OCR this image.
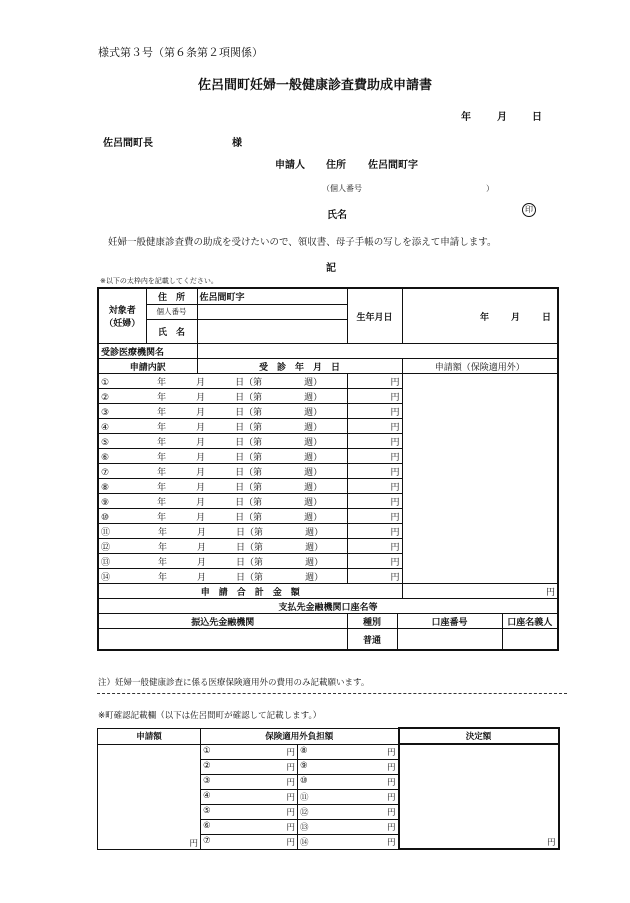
様式第３号（第６条第２項関係）
佐呂間町妊婦一般健康診査費助成申請書
年	月	日
佐呂間町長	様
申請人 住所 佐呂間町字
（個人番号	）
氏名
印
妊婦一般健康診査費の助成を受けたいので、領収書、母子手帳の写しを添えて申請します。
記
※以下の太枠内を記載してください。
対象者
（妊婦）	住　所	佐呂間町字	生年月日		年 月 日	
	個人番号					
	氏　名					
受診医療機関名						
申請内訳		受　診　年　月　日			申請額（保険適用外）	
① 年 月 日（第 週）			円			
② 年 月 日（第 週）			円			
③ 年 月 日（第 週）			円			
④ 年 月 日（第 週）			円			
⑤ 年 月 日（第 週）			円			
⑥ 年 月 日（第 週）			円			
⑦ 年 月 日（第 週）			円			
⑧ 年 月 日（第 週）			円			
⑨ 年 月 日（第 週）			円			
⑩ 年 月 日（第 週）			円			
⑪ 年 月 日（第 週）			円			
⑫ 年 月 日（第 週）			円			
⑬ 年 月 日（第 週）			円			
⑭ 年 月 日（第 週）			円			
申　請　合　計　金　額					円	
支払先金融機関口座名等						
振込先金融機関			種別	口座番号		口座名義人
			普通			
注）妊婦一般健康診査に係る医療保険適用外の費用のみ記載願います。
※町確認記載欄（以下は佐呂間町が確認して記載します。）
申請額	保険適用外負担額		決定額
円	① 円	⑧ 円	円
	② 円	⑨ 円	

	③ 円	⑩ 円	

	④ 円	⑪ 円	

	⑤ 円	⑫ 円	

	⑥ 円	⑬ 円	

	⑦ 円	⑭ 円	
